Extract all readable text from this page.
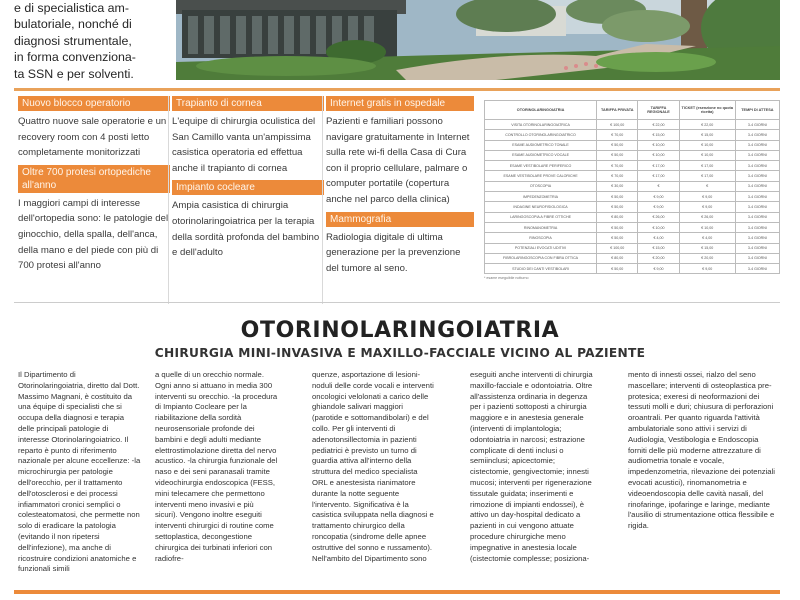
e di specialistica am-

bulatoriale, nonché di

diagnosi strumentale,

in forma convenziona-

ta SSN e per solventi.

Nuovo blocco operatorio

Quattro nuove sale operatorie e un recovery room con 4 posti letto completamente monitorizzati

Oltre 700 protesi ortopediche all'anno

I maggiori campi di interesse dell'ortopedia sono: le patologie del ginocchio, della spalla, dell'anca, della mano e del piede con più di 700 protesi all'anno

Trapianto di cornea

L'equipe di chirurgia oculistica del San Camillo vanta un'ampissima casistica operatoria ed effettua anche il trapianto di cornea

Impianto cocleare

Ampia casistica di chirurgia otorinolaringoiatrica per la terapia della sordità profonda del bambino e dell'adulto

Internet gratis in ospedale

Pazienti e familiari possono navigare gratuitamente in Internet sulla rete wi-fi della Casa di Cura con il proprio cellulare, palmare o computer portatile (copertura anche nel parco della clinica)

Mammografia

Radiologia digitale di ultima generazione per la prevenzione del tumore al seno.

OTORINOLARINGOIATRIA	TARIFFA PRIVATA	TARIFFA REGIONALE	TICKET (esenzione no quota ricetta)	TEMPI DI ATTESA
VISITA OTORINOLARINGOIATRICA	€ 100,00	€ 22,00	€ 22,00	3-4 GIORNI
CONTROLLO OTORINOLARINGOIATRICO	€ 70,00	€ 15,00	€ 15,00	3-4 GIORNI
ESAME AUDIOMETRICO TONALE	€ 50,00	€ 10,00	€ 10,00	3-4 GIORNI
ESAME AUDIOMETRICO VOCALE	€ 50,00	€ 10,00	€ 10,00	3-4 GIORNI
ESAME VESTIBOLARE PERIFERICO	€ 70,00	€ 17,00	€ 17,00	3-4 GIORNI
ESAME VESTIBOLARE PROVE CALORICHE	€ 70,00	€ 17,00	€ 17,00	3-4 GIORNI
OTOSCOPIA	€ 30,00	€	€	3-4 GIORNI
IMPEDENZOMETRIA	€ 50,00	€ 9,00	€ 9,00	3-4 GIORNI
INDAGINE NEUROFISIOLOGICA	€ 50,00	€ 9,00	€ 9,00	3-4 GIORNI
LARINGOSCOPIA A FIBRE OTTICHE	€ 80,00	€ 26,00	€ 26,00	3-4 GIORNI
RINOMANOMETRIA	€ 50,00	€ 10,00	€ 10,00	3-4 GIORNI
RINOSCOPIA	€ 50,00	€ 4,00	€ 4,00	3-4 GIORNI
POTENZIALI EVOCATI UDITIVI	€ 100,00	€ 15,00	€ 15,00	3-4 GIORNI
FIBROLARINGOSCOPIA CON FIBRA OTTICA	€ 80,00	€ 20,00	€ 20,00	3-4 GIORNI
STUDIO DEI CANTI VESTIBOLARI	€ 50,00	€ 9,00	€ 9,00	3-4 GIORNI
* esame eseguibile notturno
OTORINOLARINGOIATRIA
CHIRURGIA MINI-INVASIVA E MAXILLO-FACCIALE VICINO AL PAZIENTE

Il Dipartimento di Otorinolaringoiatria, diretto dal Dott. Massimo Magnani, è costituito da una équipe di specialisti che si occupa della diagnosi e terapia delle principali patologie di interesse Otorinolaringoiatrico. Il reparto è punto di riferimento nazionale per alcune eccellenze: -la microchirurgia per patologie dell'orecchio, per il trattamento dell'otosclerosi e dei processi infiammatori cronici semplici o colesteatomatosi, che permette non solo di eradicare la patologia (evitando il non ripetersi dell'infezione), ma anche di ricostruire condizioni anatomiche e funzionali simili

a quelle di un orecchio normale. Ogni anno si attuano in media 300 interventi su orecchio. -la procedura di Impianto Cocleare per la riabilitazione della sordità neurosensoriale profonde dei bambini e degli adulti mediante elettrostimolazione diretta del nervo acustico. -la chirurgia funzionale del naso e dei seni paranasali tramite videochirurgia endoscopica (FESS, mini telecamere che permettono interventi meno invasivi e più sicuri). Vengono inoltre eseguiti interventi chirurgici di routine come settoplastica, decongestione chirurgica dei turbinati inferiori con radiofre-

quenze, asportazione di lesioni-noduli delle corde vocali e interventi oncologici velolonati a carico delle ghiandole salivari maggiori (parotide e sottomandibolari) e del collo. Per gli interventi di adenotonsillectomia in pazienti pediatrici è previsto un turno di guardia attiva all'interno della struttura del medico specialista ORL e anestesista rianimatore durante la notte seguente l'intervento. Significativa è la casistica sviluppata nella diagnosi e trattamento chirurgico della roncopatia (sindrome delle apnee ostruttive del sonno e russamento). Nell'ambito del Dipartimento sono

eseguiti anche interventi di chirurgia maxillo-facciale e odontoiatria. Oltre all'assistenza ordinaria in degenza per i pazienti sottoposti a chirurgia maggiore e in anestesia generale (interventi di implantologia; odontoiatria in narcosi; estrazione complicate di denti inclusi o semiinclusi; apicectomie; cistectomie, gengivectomie; innesti mucosi; interventi per rigenerazione tissutale guidata; inserimenti e rimozione di impianti endossei), è attivo un day-hospital dedicato a pazienti in cui vengono attuate procedure chirurgiche meno impegnative in anestesia locale (cistectomie complesse; posiziona-

mento di innesti ossei, rialzo del seno mascellare; interventi di osteoplastica pre-protesica; exeresi di neoformazioni dei tessuti molli e duri; chiusura di perforazioni oroantrali. Per quanto riguarda l'attività ambulatoriale sono attivi i servizi di Audiologia, Vestibologia e Endoscopia forniti delle più moderne attrezzature di audiometria tonale e vocale, impedenzometria, rilevazione dei potenziali evocati acustici), rinomanometria e videoendoscopia delle cavità nasali, del rinofaringe, ipofaringe e laringe, mediante l'ausilio di strumentazione ottica flessibile e rigida.
